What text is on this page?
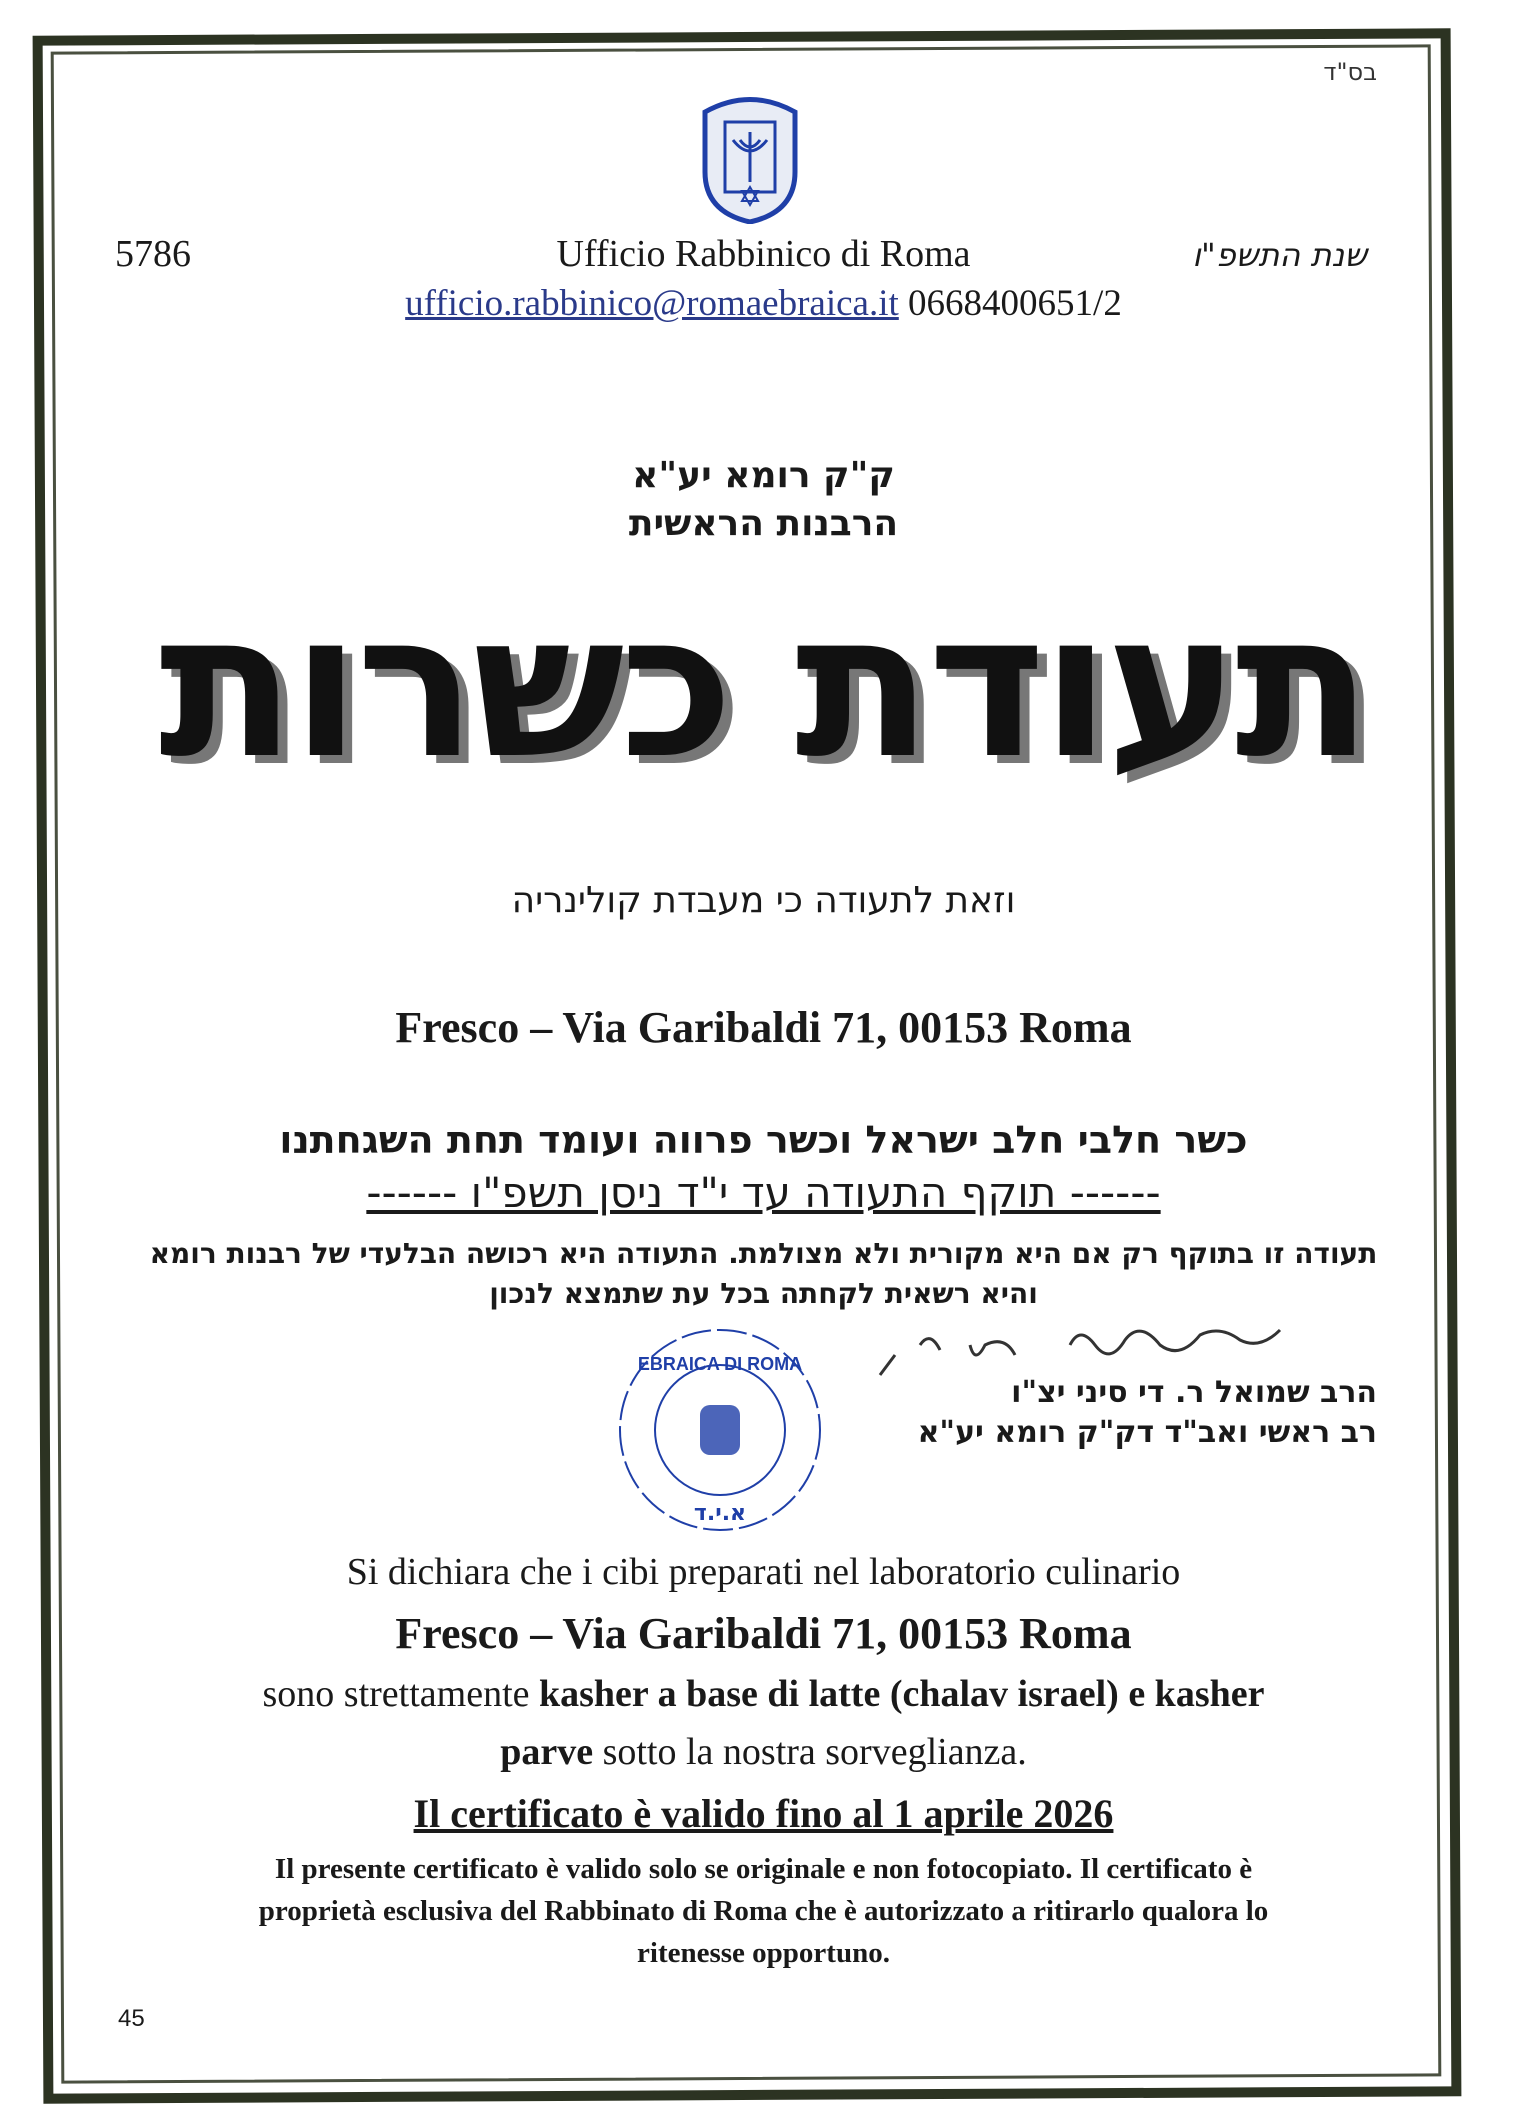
בס"ד
5786	Ufficio Rabbinico di Roma	שנת התשפ"ו
ufficio.rabbinico@romaebraica.it 0668400651/2
ק"ק רומא יע"א
הרבנות הראשית
תעודת כשרות
וזאת לתעודה כי מעבדת קולינריה
Fresco – Via Garibaldi 71, 00153 Roma
כשר חלבי חלב ישראל וכשר פרווה ועומד תחת השגחתנו
------ תוקף התעודה עד י"ד ניסן תשפ"ו ------
תעודה זו בתוקף רק אם היא מקורית ולא מצולמת. התעודה היא רכושה הבלעדי של רבנות רומא
והיא רשאית לקחתה בכל עת שתמצא לנכון
EBRAICA DI ROMA
א.י.ד
הרב שמואל ר. די סיני יצ"ו
רב ראשי ואב"ד דק"ק רומא יע"א
Si dichiara che i cibi preparati nel laboratorio culinario
Fresco – Via Garibaldi 71, 00153 Roma
sono strettamente kasher a base di latte (chalav israel) e kasher
parve sotto la nostra sorveglianza.
Il certificato è valido fino al 1 aprile 2026
Il presente certificato è valido solo se originale e non fotocopiato. Il certificato è
proprietà esclusiva del Rabbinato di Roma che è autorizzato a ritirarlo qualora lo
ritenesse opportuno.
45
